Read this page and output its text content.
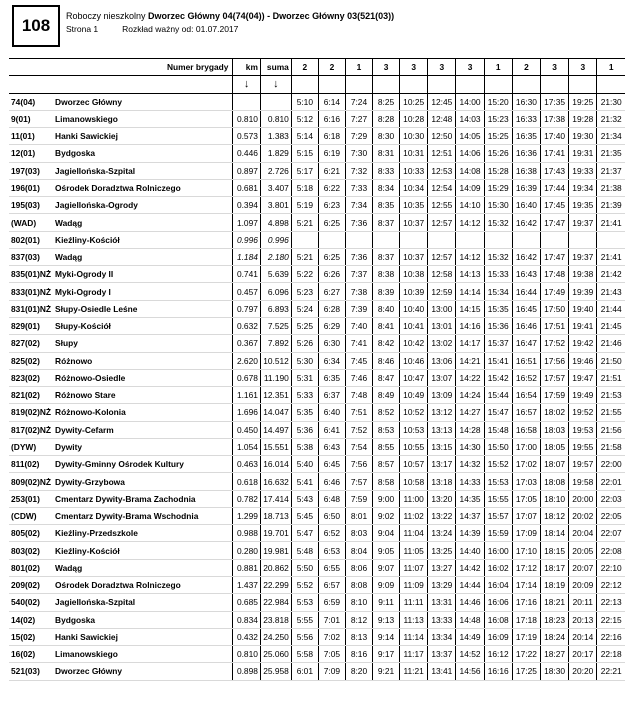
108	Roboczy nieszkolny Dworzec Główny 04(74(04)) - Dworzec Główny 03(521(03))
Strona 1	Rozkład ważny od: 01.07.2017
	Numer brygady	km	suma	2	2	1	3	3	3	3	1	2	3	3	1
		↓	↓												
74(04)	Dworzec Główny			5:10	6:14	7:24	8:25	10:25	12:45	14:00	15:20	16:30	17:35	19:25	21:30
9(01)	Limanowskiego	0.810	0.810	5:12	6:16	7:27	8:28	10:28	12:48	14:03	15:23	16:33	17:38	19:28	21:32
11(01)	Hanki Sawickiej	0.573	1.383	5:14	6:18	7:29	8:30	10:30	12:50	14:05	15:25	16:35	17:40	19:30	21:34
12(01)	Bydgoska	0.446	1.829	5:15	6:19	7:30	8:31	10:31	12:51	14:06	15:26	16:36	17:41	19:31	21:35
197(03)	Jagiellońska-Szpital	0.897	2.726	5:17	6:21	7:32	8:33	10:33	12:53	14:08	15:28	16:38	17:43	19:33	21:37
196(01)	Ośrodek Doradztwa Rolniczego	0.681	3.407	5:18	6:22	7:33	8:34	10:34	12:54	14:09	15:29	16:39	17:44	19:34	21:38
195(03)	Jagiellońska-Ogrody	0.394	3.801	5:19	6:23	7:34	8:35	10:35	12:55	14:10	15:30	16:40	17:45	19:35	21:39
(WAD)	Wadąg	1.097	4.898	5:21	6:25	7:36	8:37	10:37	12:57	14:12	15:32	16:42	17:47	19:37	21:41
802(01)	Kieźliny-Kościół	0.996	0.996												
837(03)	Wadąg	1.184	2.180	5:21	6:25	7:36	8:37	10:37	12:57	14:12	15:32	16:42	17:47	19:37	21:41
835(01)NŻ	Myki-Ogrody II	0.741	5.639	5:22	6:26	7:37	8:38	10:38	12:58	14:13	15:33	16:43	17:48	19:38	21:42
833(01)NŻ	Myki-Ogrody I	0.457	6.096	5:23	6:27	7:38	8:39	10:39	12:59	14:14	15:34	16:44	17:49	19:39	21:43
831(01)NŻ	Słupy-Osiedle Leśne	0.797	6.893	5:24	6:28	7:39	8:40	10:40	13:00	14:15	15:35	16:45	17:50	19:40	21:44
829(01)	Słupy-Kościół	0.632	7.525	5:25	6:29	7:40	8:41	10:41	13:01	14:16	15:36	16:46	17:51	19:41	21:45
827(02)	Słupy	0.367	7.892	5:26	6:30	7:41	8:42	10:42	13:02	14:17	15:37	16:47	17:52	19:42	21:46
825(02)	Różnowo	2.620	10.512	5:30	6:34	7:45	8:46	10:46	13:06	14:21	15:41	16:51	17:56	19:46	21:50
823(02)	Różnowo-Osiedle	0.678	11.190	5:31	6:35	7:46	8:47	10:47	13:07	14:22	15:42	16:52	17:57	19:47	21:51
821(02)	Różnowo Stare	1.161	12.351	5:33	6:37	7:48	8:49	10:49	13:09	14:24	15:44	16:54	17:59	19:49	21:53
819(02)NŻ	Różnowo-Kolonia	1.696	14.047	5:35	6:40	7:51	8:52	10:52	13:12	14:27	15:47	16:57	18:02	19:52	21:55
817(02)NŻ	Dywity-Cefarm	0.450	14.497	5:36	6:41	7:52	8:53	10:53	13:13	14:28	15:48	16:58	18:03	19:53	21:56
(DYW)	Dywity	1.054	15.551	5:38	6:43	7:54	8:55	10:55	13:15	14:30	15:50	17:00	18:05	19:55	21:58
811(02)	Dywity-Gminny Ośrodek Kultury	0.463	16.014	5:40	6:45	7:56	8:57	10:57	13:17	14:32	15:52	17:02	18:07	19:57	22:00
809(02)NŻ	Dywity-Grzybowa	0.618	16.632	5:41	6:46	7:57	8:58	10:58	13:18	14:33	15:53	17:03	18:08	19:58	22:01
253(01)	Cmentarz Dywity-Brama Zachodnia	0.782	17.414	5:43	6:48	7:59	9:00	11:00	13:20	14:35	15:55	17:05	18:10	20:00	22:03
(CDW)	Cmentarz Dywity-Brama Wschodnia	1.299	18.713	5:45	6:50	8:01	9:02	11:02	13:22	14:37	15:57	17:07	18:12	20:02	22:05
805(02)	Kieźliny-Przedszkole	0.988	19.701	5:47	6:52	8:03	9:04	11:04	13:24	14:39	15:59	17:09	18:14	20:04	22:07
803(02)	Kieźliny-Kościół	0.280	19.981	5:48	6:53	8:04	9:05	11:05	13:25	14:40	16:00	17:10	18:15	20:05	22:08
801(02)	Wadąg	0.881	20.862	5:50	6:55	8:06	9:07	11:07	13:27	14:42	16:02	17:12	18:17	20:07	22:10
209(02)	Ośrodek Doradztwa Rolniczego	1.437	22.299	5:52	6:57	8:08	9:09	11:09	13:29	14:44	16:04	17:14	18:19	20:09	22:12
540(02)	Jagiellońska-Szpital	0.685	22.984	5:53	6:59	8:10	9:11	11:11	13:31	14:46	16:06	17:16	18:21	20:11	22:13
14(02)	Bydgoska	0.834	23.818	5:55	7:01	8:12	9:13	11:13	13:33	14:48	16:08	17:18	18:23	20:13	22:15
15(02)	Hanki Sawickiej	0.432	24.250	5:56	7:02	8:13	9:14	11:14	13:34	14:49	16:09	17:19	18:24	20:14	22:16
16(02)	Limanowskiego	0.810	25.060	5:58	7:05	8:16	9:17	11:17	13:37	14:52	16:12	17:22	18:27	20:17	22:18
521(03)	Dworzec Główny	0.898	25.958	6:01	7:09	8:20	9:21	11:21	13:41	14:56	16:16	17:25	18:30	20:20	22:21
